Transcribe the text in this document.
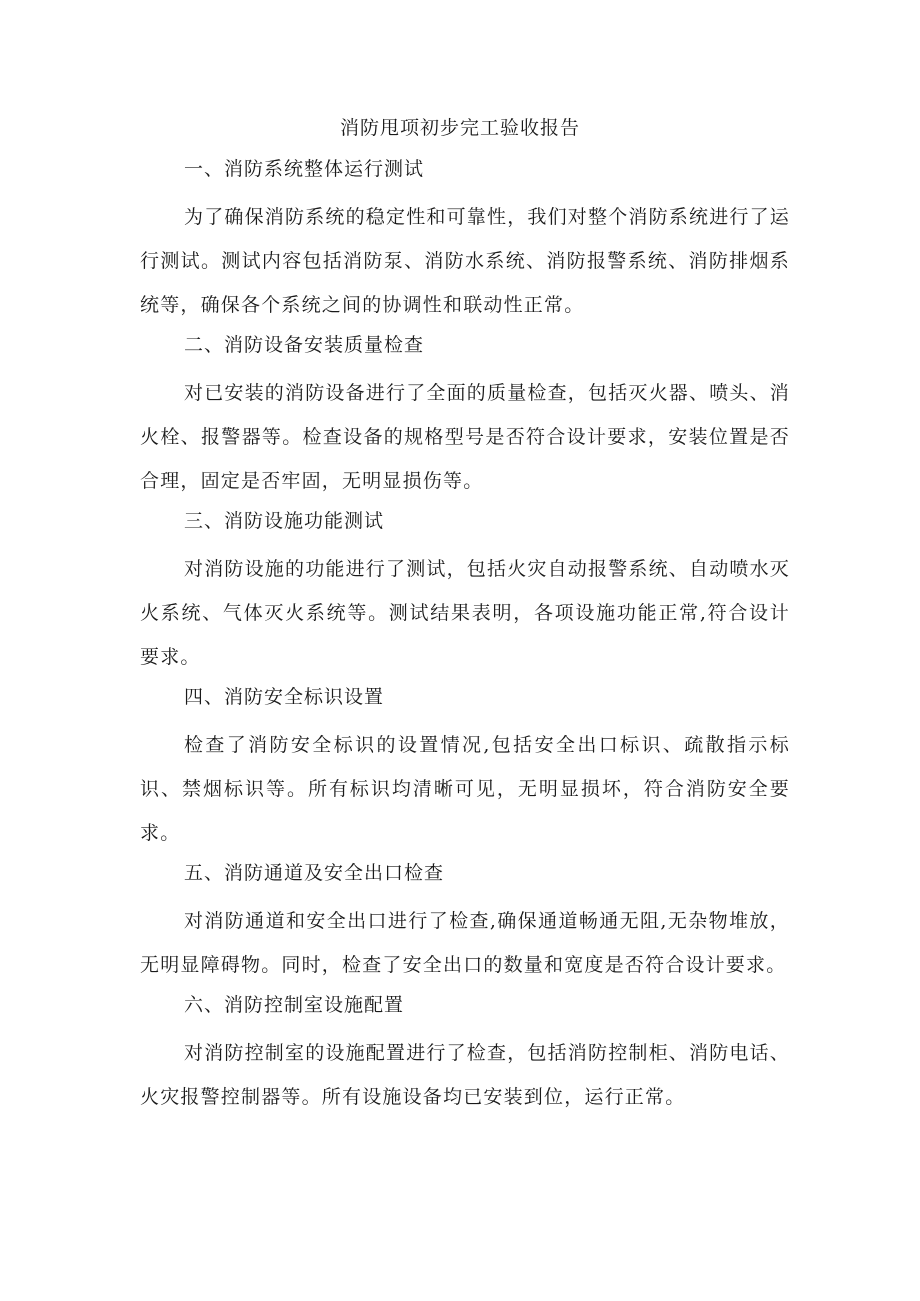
消防甩项初步完工验收报告

一、消防系统整体运行测试

为了确保消防系统的稳定性和可靠性，我们对整个消防系统进行了运行测试。测试内容包括消防泵、消防水系统、消防报警系统、消防排烟系统等，确保各个系统之间的协调性和联动性正常。

二、消防设备安装质量检查

对已安装的消防设备进行了全面的质量检查，包括灭火器、喷头、消火栓、报警器等。检查设备的规格型号是否符合设计要求，安装位置是否合理，固定是否牢固，无明显损伤等。

三、消防设施功能测试

对消防设施的功能进行了测试，包括火灾自动报警系统、自动喷水灭火系统、气体灭火系统等。测试结果表明，各项设施功能正常,符合设计要求。

四、消防安全标识设置

检查了消防安全标识的设置情况,包括安全出口标识、疏散指示标识、禁烟标识等。所有标识均清晰可见，无明显损坏，符合消防安全要求。

五、消防通道及安全出口检查

对消防通道和安全出口进行了检查,确保通道畅通无阻,无杂物堆放，无明显障碍物。同时，检查了安全出口的数量和宽度是否符合设计要求。

六、消防控制室设施配置

对消防控制室的设施配置进行了检查，包括消防控制柜、消防电话、火灾报警控制器等。所有设施设备均已安装到位，运行正常。
